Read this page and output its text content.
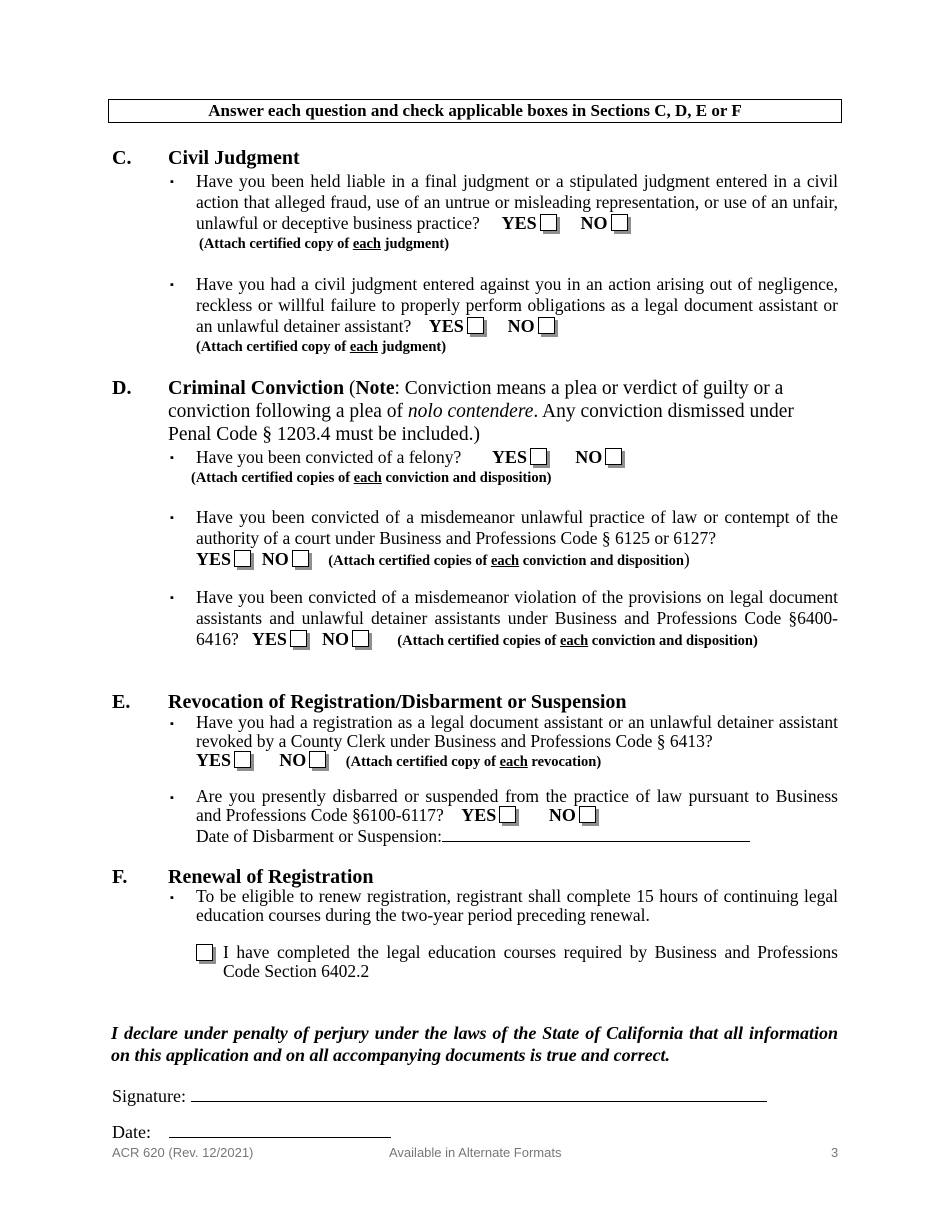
Answer each question and check applicable boxes in Sections C, D, E or F
C. Civil Judgment
▪ Have you been held liable in a final judgment or a stipulated judgment entered in a civil action that alleged fraud, use of an untrue or misleading representation, or use of an unfair, unlawful or deceptive business practice? YES NO
(Attach certified copy of each judgment)
▪ Have you had a civil judgment entered against you in an action arising out of negligence, reckless or willful failure to properly perform obligations as a legal document assistant or an unlawful detainer assistant? YES NO
(Attach certified copy of each judgment)
D. Criminal Conviction (Note: Conviction means a plea or verdict of guilty or a conviction following a plea of nolo contendere. Any conviction dismissed under Penal Code § 1203.4 must be included.)
▪ Have you been convicted of a felony? YES	NO
(Attach certified copies of each conviction and disposition)
▪ Have you been convicted of a misdemeanor unlawful practice of law or contempt of the authority of a court under Business and Professions Code § 6125 or 6127?
YES NO	(Attach certified copies of each conviction and disposition)
▪ Have you been convicted of a misdemeanor violation of the provisions on legal document assistants and unlawful detainer assistants under Business and Professions Code §6400-6416? YES NO	(Attach certified copies of each conviction and disposition)
E. Revocation of Registration/Disbarment or Suspension
▪ Have you had a registration as a legal document assistant or an unlawful detainer assistant revoked by a County Clerk under Business and Professions Code § 6413?
YES	NO	(Attach certified copy of each revocation)
▪ Are you presently disbarred or suspended from the practice of law pursuant to Business and Professions Code §6100-6117? YES	NO
Date of Disbarment or Suspension:
F. Renewal of Registration
▪ To be eligible to renew registration, registrant shall complete 15 hours of continuing legal education courses during the two-year period preceding renewal.
I have completed the legal education courses required by Business and Professions Code Section 6402.2
I declare under penalty of perjury under the laws of the State of California that all information on this application and on all accompanying documents is true and correct.
Signature:
Date:
ACR 620 (Rev. 12/2021)	Available in Alternate Formats	3
